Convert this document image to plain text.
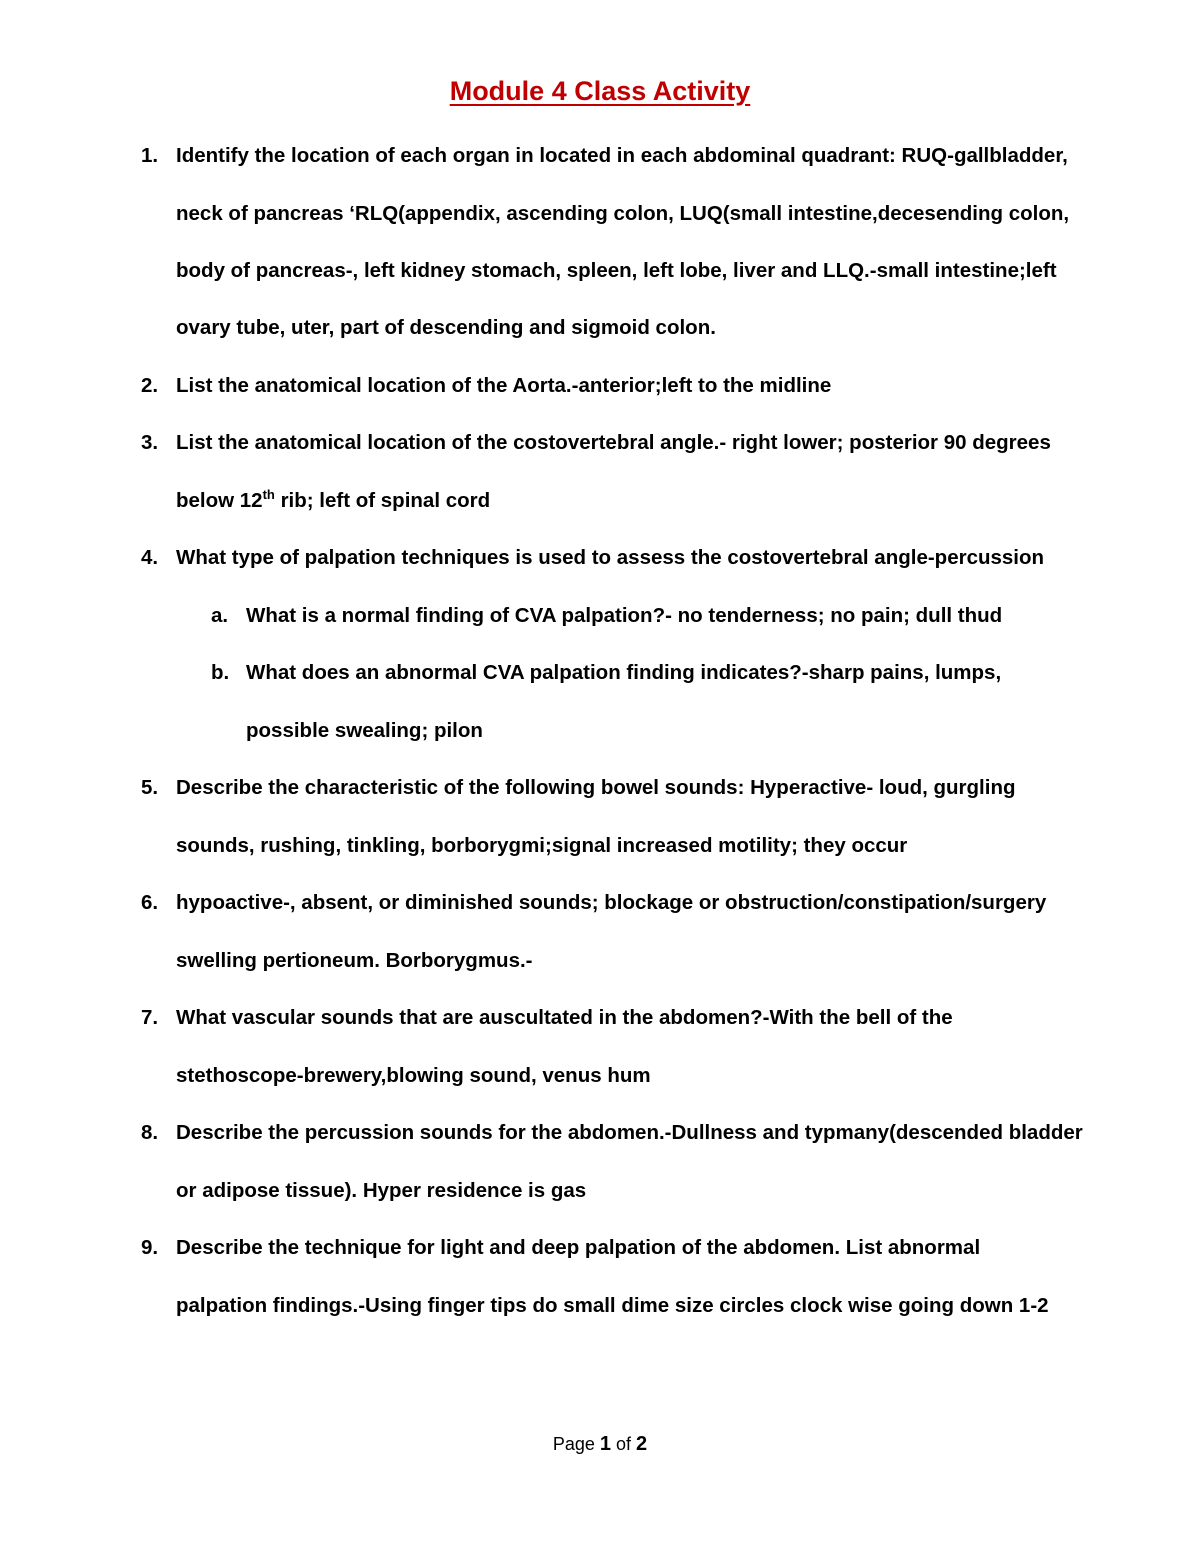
Module 4 Class Activity
1. Identify the location of each organ in located in each abdominal quadrant: RUQ-gallbladder,
neck of pancreas ‘RLQ(appendix, ascending colon, LUQ(small intestine,decesending colon,
body of pancreas-, left kidney stomach, spleen, left lobe, liver and LLQ.-small intestine;left
ovary tube, uter, part of descending and sigmoid colon.
2. List the anatomical location of the Aorta.-anterior;left to the midline
3. List the anatomical location of the costovertebral angle.- right lower; posterior 90 degrees
below 12th rib; left of spinal cord
4. What type of palpation techniques is used to assess the costovertebral angle-percussion
a. What is a normal finding of CVA palpation?- no tenderness; no pain; dull thud
b. What does an abnormal CVA palpation finding indicates?-sharp pains, lumps,
possible swealing; pilon
5. Describe the characteristic of the following bowel sounds: Hyperactive- loud, gurgling
sounds, rushing, tinkling, borborygmi;signal increased motility; they occur
6. hypoactive-, absent, or diminished sounds; blockage or obstruction/constipation/surgery
swelling pertioneum. Borborygmus.-
7. What vascular sounds that are auscultated in the abdomen?-With the bell of the
stethoscope-brewery,blowing sound, venus hum
8. Describe the percussion sounds for the abdomen.-Dullness and typmany(descended bladder
or adipose tissue). Hyper residence is gas
9. Describe the technique for light and deep palpation of the abdomen. List abnormal
palpation findings.-Using finger tips do small dime size circles clock wise going down 1-2
Page 1 of 2
